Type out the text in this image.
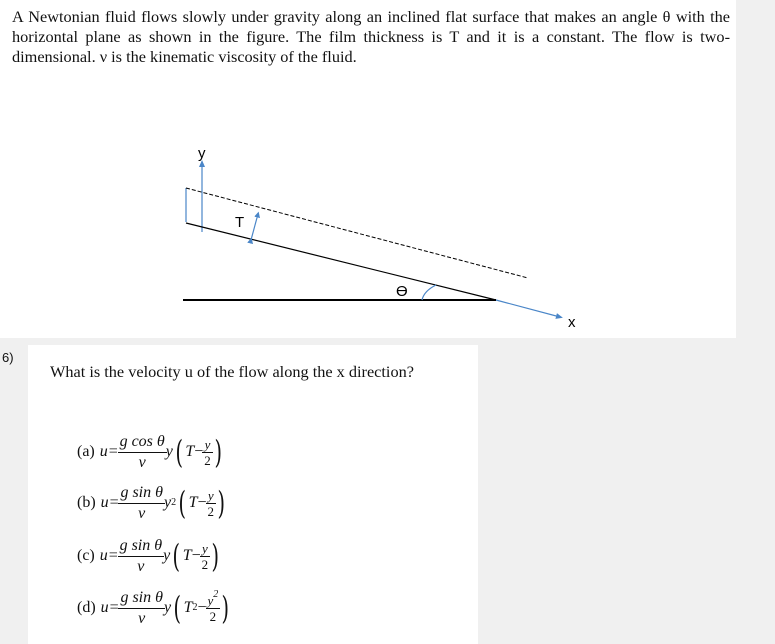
A Newtonian fluid flows slowly under gravity along an inclined flat surface that makes an angle θ with the horizontal plane as shown in the figure. The film thickness is T and it is a constant. The flow is two-dimensional. ν is the kinematic viscosity of the fluid.

y
x
T
ϴ
6)

What is the velocity u of the flow along the x direction?

(a) $u= \frac{\text{g cos θ}}{\nu}$ y ( $T - \frac{y}{2}$ )
(b) $u= \frac{\text{g sin θ}}{\nu}$ y 2 ( $T - \frac{y}{2}$ )
(c) $u= \frac{\text{g sin θ}}{\nu}$ y ( $T - \frac{y}{2}$ )
(d) $u= \frac{\text{g sin θ}}{\nu}$ y ( T $2 - \frac{y^2}{2}$ )
